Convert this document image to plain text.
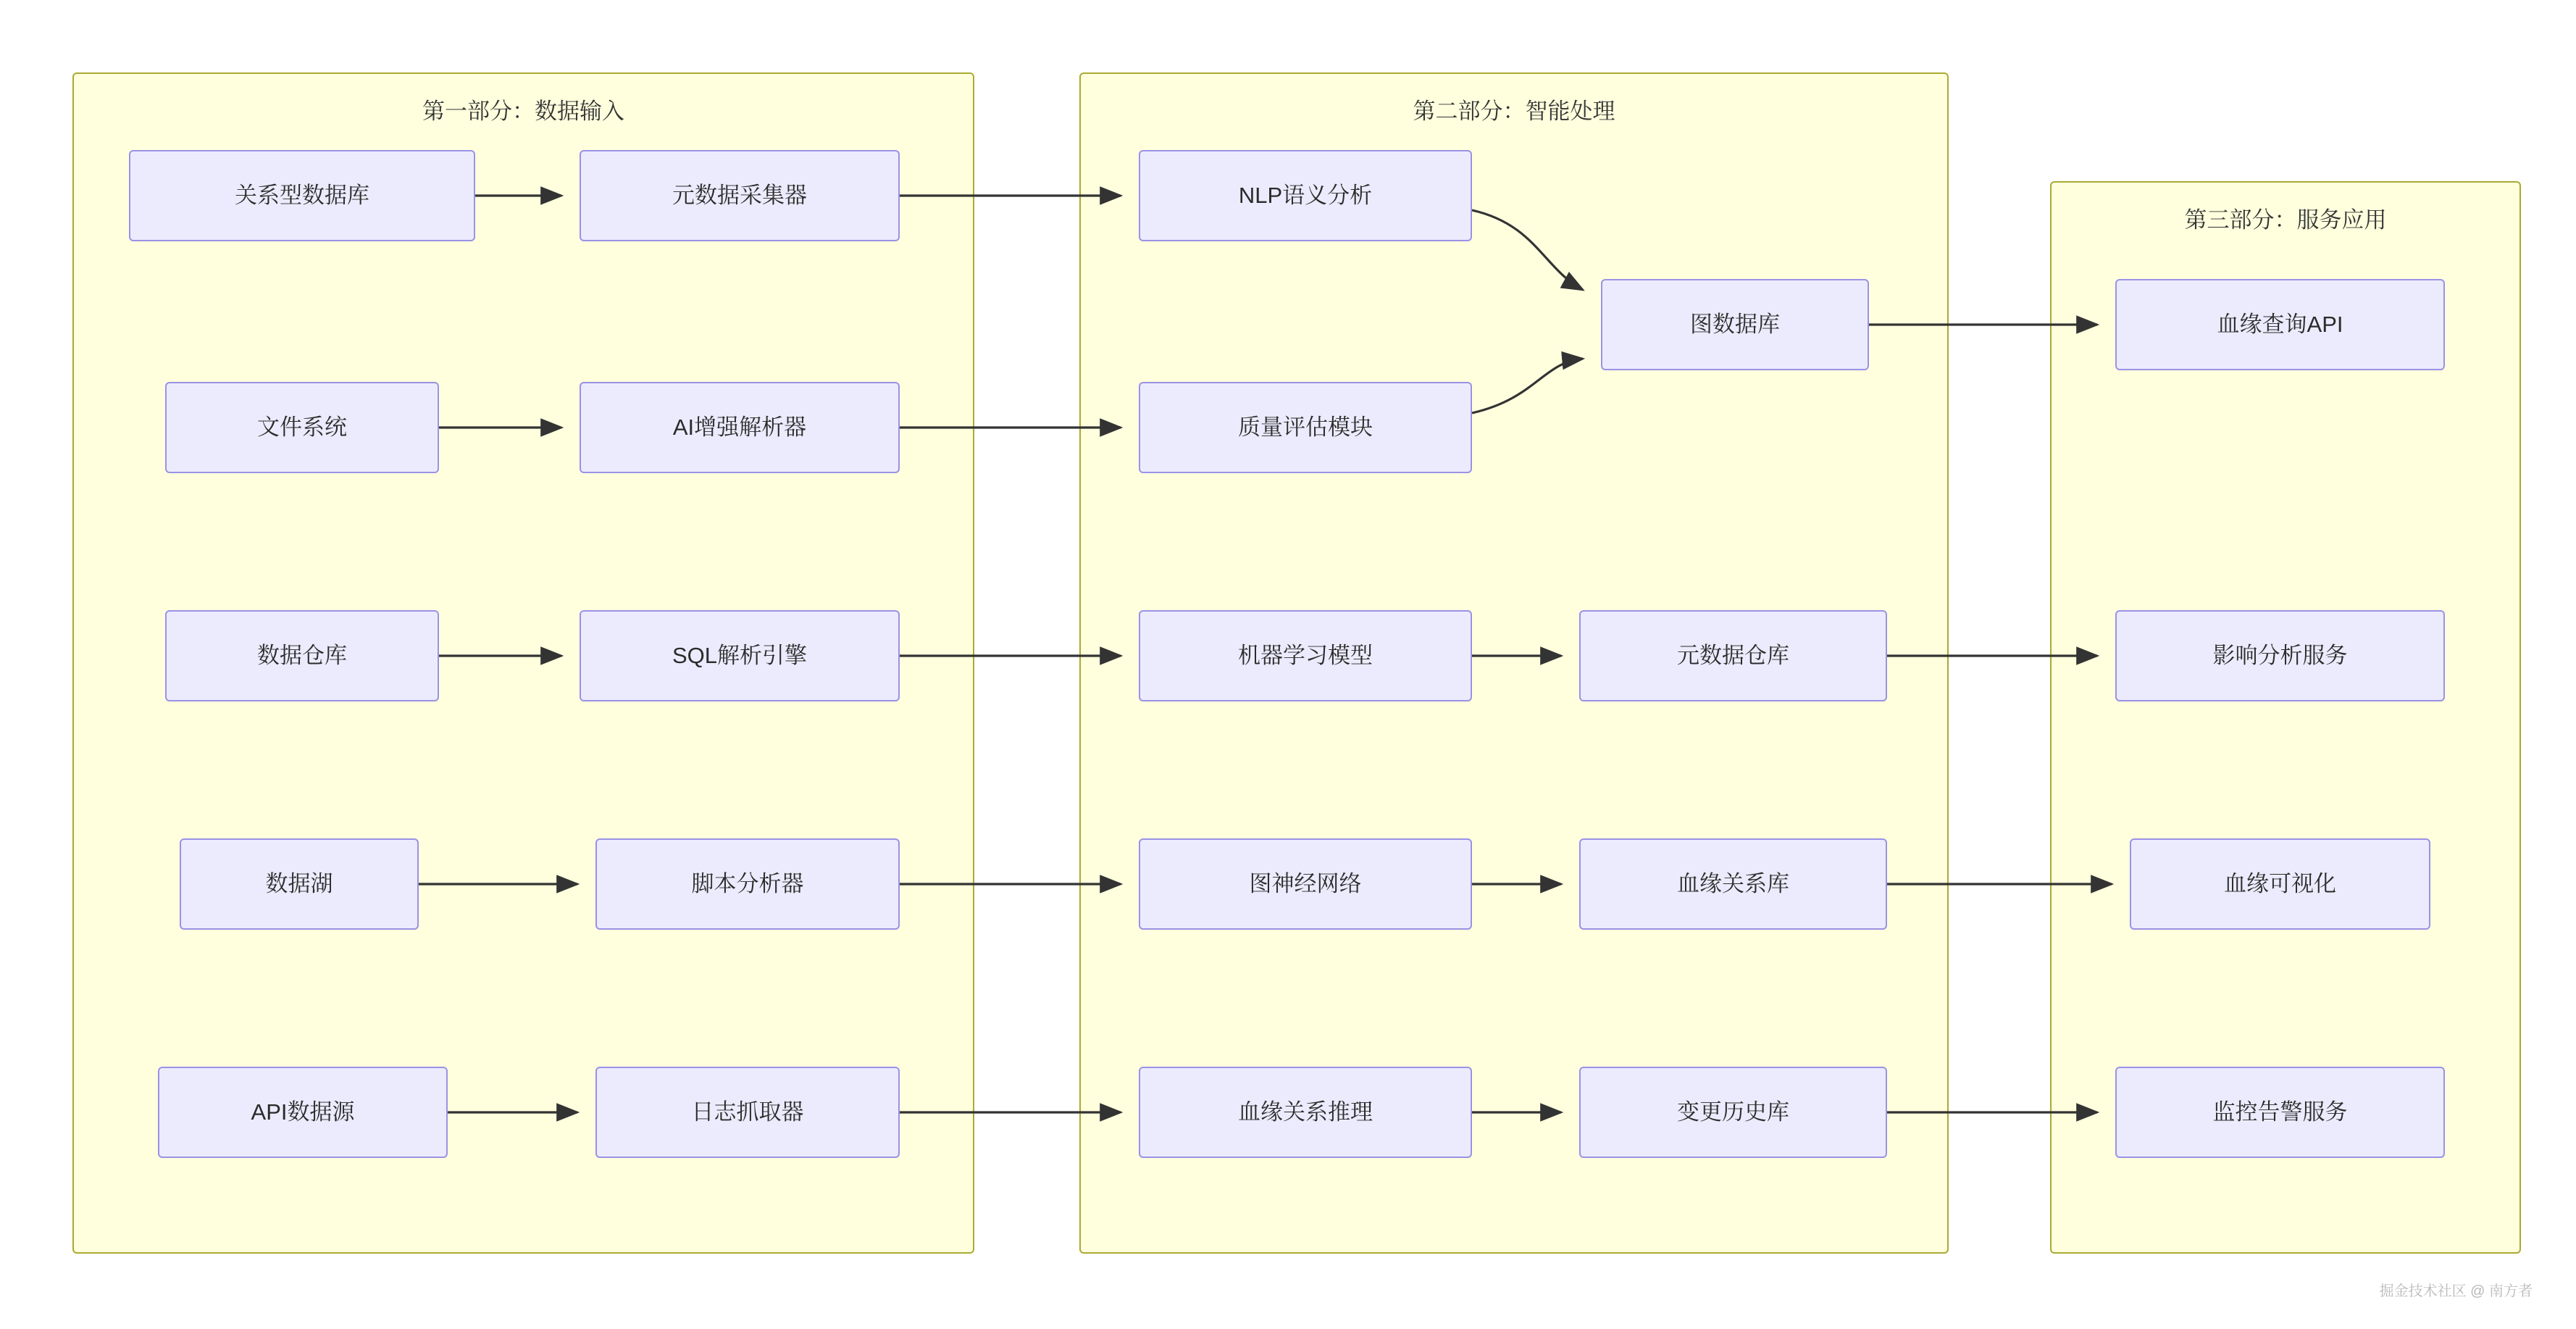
第一部分：数据输入	第二部分：智能处理
第三部分：服务应用
关系型数据库	元数据采集器
文件系统	AI增强解析器
数据仓库	SQL解析引擎
数据湖	脚本分析器
API数据源	日志抓取器
NLP语义分析
质量评估模块
图数据库
机器学习模型	元数据仓库
图神经网络	血缘关系库
血缘关系推理	变更历史库
血缘查询API
影响分析服务
血缘可视化
监控告警服务
掘金技术社区 @ 南方者
